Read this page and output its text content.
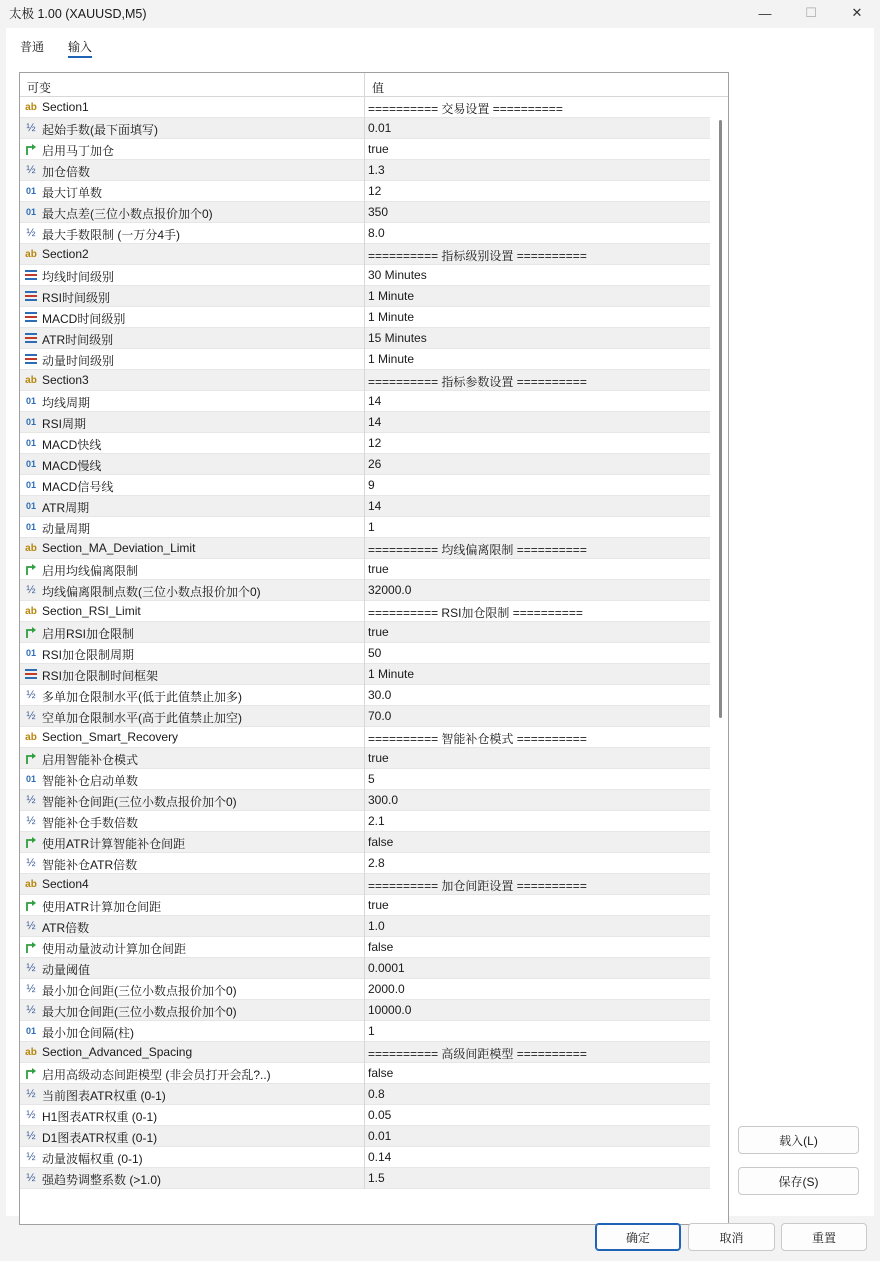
太极 1.00 (XAUUSD,M5)	—	☐	✕
普通 输入
可变	值
ab Section1	========== 交易设置 ==========
½ 起始手数(最下面填写)	0.01
启用马丁加仓	true
½ 加仓倍数	1.3
01 最大订单数	12
01 最大点差(三位小数点报价加个0)	350
½ 最大手数限制 (一万分4手)	8.0
ab Section2	========== 指标级别设置 ==========
均线时间级别	30 Minutes
RSI时间级别	1 Minute
MACD时间级别	1 Minute
ATR时间级别	15 Minutes
动量时间级别	1 Minute
ab Section3	========== 指标参数设置 ==========
01 均线周期	14
01 RSI周期	14
01 MACD快线	12
01 MACD慢线	26
01 MACD信号线	9
01 ATR周期	14
01 动量周期	1
ab Section_MA_Deviation_Limit	========== 均线偏离限制 ==========
启用均线偏离限制	true
½ 均线偏离限制点数(三位小数点报价加个0)	32000.0
ab Section_RSI_Limit	========== RSI加仓限制 ==========
启用RSI加仓限制	true
01 RSI加仓限制周期	50
RSI加仓限制时间框架	1 Minute
½ 多单加仓限制水平(低于此值禁止加多)	30.0
½ 空单加仓限制水平(高于此值禁止加空)	70.0
ab Section_Smart_Recovery	========== 智能补仓模式 ==========
启用智能补仓模式	true
01 智能补仓启动单数	5
½ 智能补仓间距(三位小数点报价加个0)	300.0
½ 智能补仓手数倍数	2.1
使用ATR计算智能补仓间距	false
½ 智能补仓ATR倍数	2.8
ab Section4	========== 加仓间距设置 ==========
使用ATR计算加仓间距	true
½ ATR倍数	1.0
使用动量波动计算加仓间距	false
½ 动量阈值	0.0001
½ 最小加仓间距(三位小数点报价加个0)	2000.0
½ 最大加仓间距(三位小数点报价加个0)	10000.0
01 最小加仓间隔(柱)	1
ab Section_Advanced_Spacing	========== 高级间距模型 ==========
启用高级动态间距模型 (非会员打开会乱?..)	false
½ 当前图表ATR权重 (0-1)	0.8
½ H1图表ATR权重 (0-1)	0.05
½ D1图表ATR权重 (0-1)	0.01
½ 动量波幅权重 (0-1)	0.14
½ 强趋势调整系数 (>1.0)	1.5
载入(L)
保存(S)
确定	取消	重置
